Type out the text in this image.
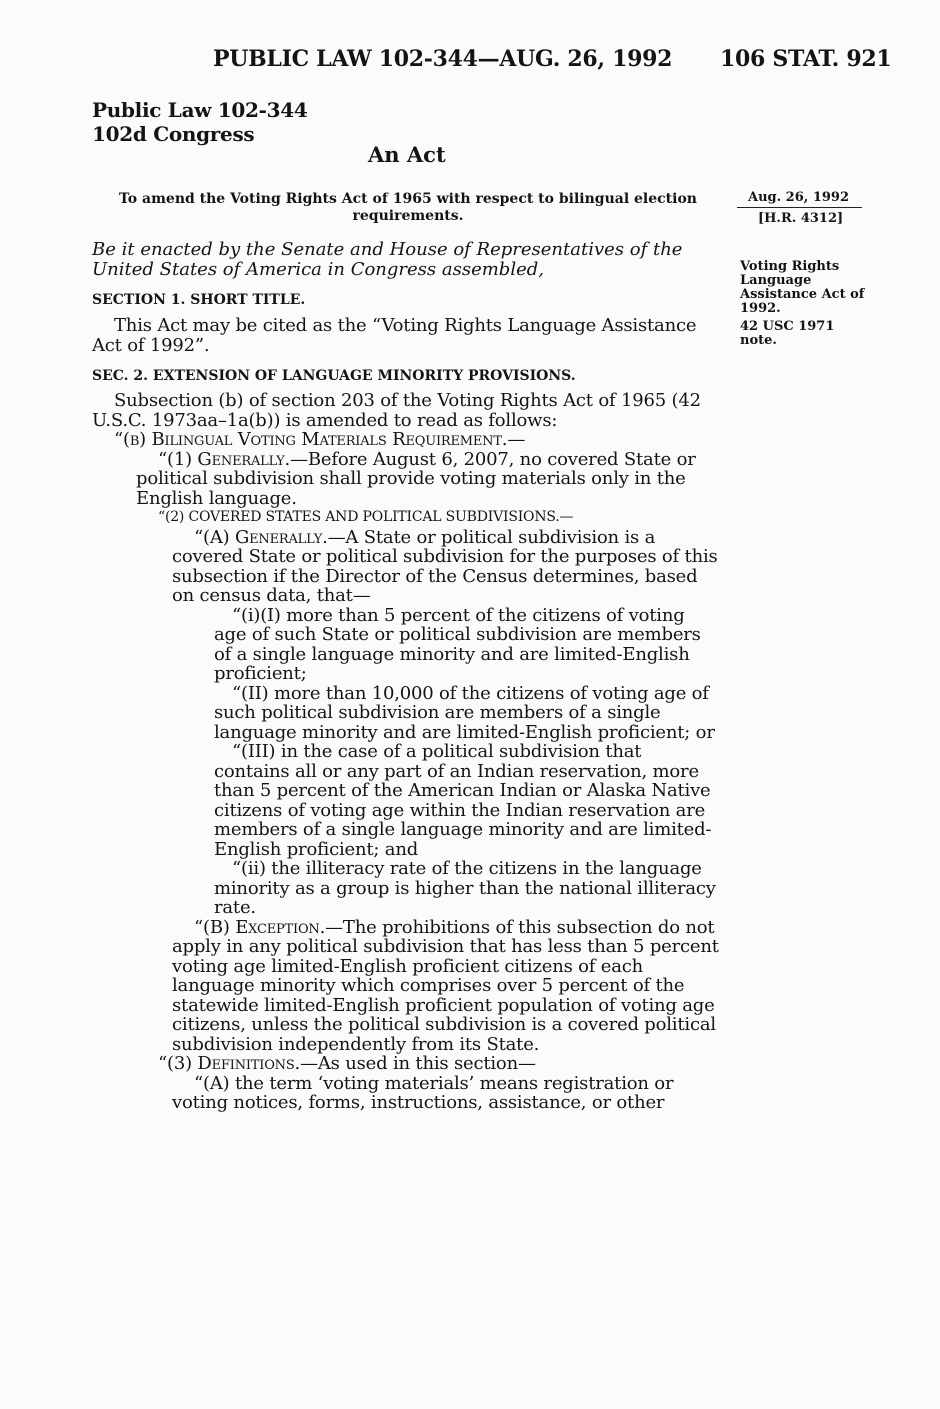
PUBLIC LAW 102-344—AUG. 26, 1992 106 STAT. 921
Public Law 102-344
102d Congress
An Act
To amend the Voting Rights Act of 1965 with respect to bilingual election requirements.
Aug. 26, 1992
[H.R. 4312]
Voting Rights Language Assistance Act of 1992.
42 USC 1971 note.
Be it enacted by the Senate and House of Representatives of the United States of America in Congress assembled,
SECTION 1. SHORT TITLE.
This Act may be cited as the “Voting Rights Language Assistance Act of 1992”.
SEC. 2. EXTENSION OF LANGUAGE MINORITY PROVISIONS.

Subsection (b) of section 203 of the Voting Rights Act of 1965 (42 U.S.C. 1973aa–1a(b)) is amended to read as follows:

“(b) Bilingual Voting Materials Requirement.—

“(1) Generally.—Before August 6, 2007, no covered State or political subdivision shall provide voting materials only in the English language.

“(2) COVERED STATES AND POLITICAL SUBDIVISIONS.—

“(A) Generally.—A State or political subdivision is a covered State or political subdivision for the purposes of this subsection if the Director of the Census determines, based on census data, that—

“(i)(I) more than 5 percent of the citizens of voting age of such State or political subdivision are members of a single language minority and are limited-English proficient;

“(II) more than 10,000 of the citizens of voting age of such political subdivision are members of a single language minority and are limited-English proficient; or

“(III) in the case of a political subdivision that contains all or any part of an Indian reservation, more than 5 percent of the American Indian or Alaska Native citizens of voting age within the Indian reservation are members of a single language minority and are limited-English proficient; and

“(ii) the illiteracy rate of the citizens in the language minority as a group is higher than the national illiteracy rate.

“(B) Exception.—The prohibitions of this subsection do not apply in any political subdivision that has less than 5 percent voting age limited-English proficient citizens of each language minority which comprises over 5 percent of the statewide limited-English proficient population of voting age citizens, unless the political subdivision is a covered political subdivision independently from its State.

“(3) Definitions.—As used in this section—

“(A) the term ‘voting materials’ means registration or voting notices, forms, instructions, assistance, or other
